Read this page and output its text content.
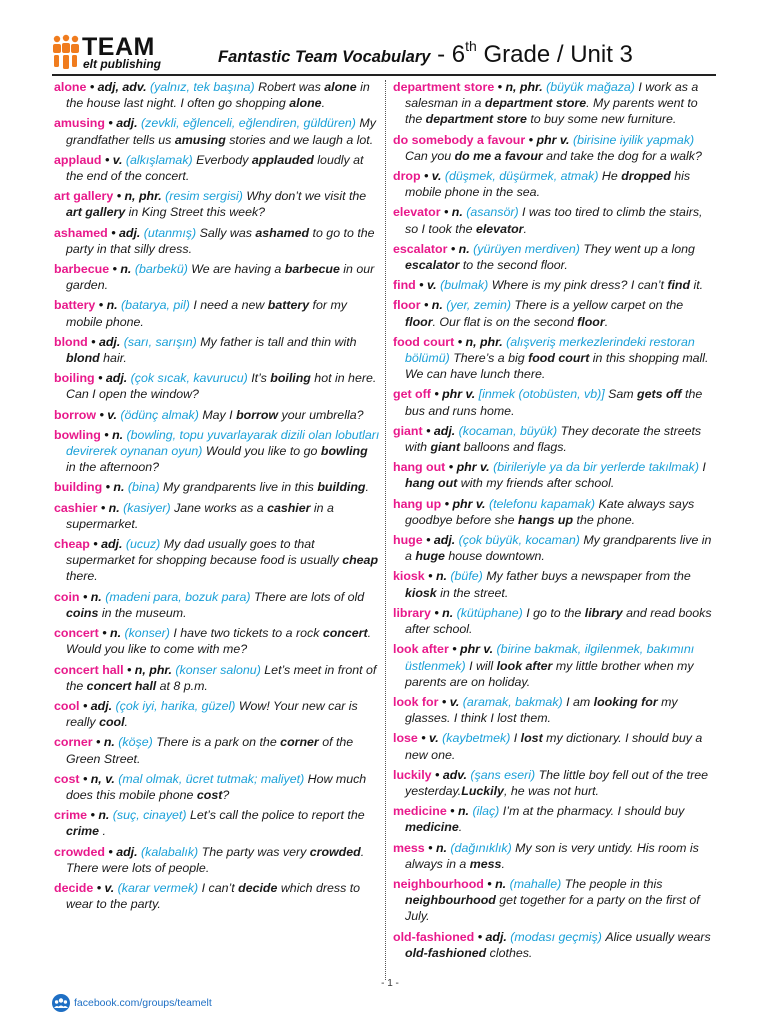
TEAM
elt publishing	Fantastic Team Vocabulary - 6th Grade / Unit 3
alone • adj, adv. (yalnız, tek başına) Robert was alone in the house last night. I often go shopping alone.
amusing • adj. (zevkli, eğlenceli, eğlendiren, güldüren) My grandfather tells us amusing stories and we laugh a lot.
applaud • v. (alkışlamak) Everbody applauded loudly at the end of the concert.
art gallery • n, phr. (resim sergisi) Why don’t we visit the art gallery in King Street this week?
ashamed • adj. (utanmış) Sally was ashamed to go to the party in that silly dress.
barbecue • n. (barbekü) We are having a barbecue in our garden.
battery • n. (batarya, pil) I need a new battery for my mobile phone.
blond • adj. (sarı, sarışın) My father is tall and thin with blond hair.
boiling • adj. (çok sıcak, kavurucu) It’s boiling hot in here. Can I open the window?
borrow • v. (ödünç almak) May I borrow your umbrella?
bowling • n. (bowling, topu yuvarlayarak dizili olan lobutları devirerek oynanan oyun) Would you like to go bowling in the afternoon?
building • n. (bina) My grandparents live in this building.
cashier • n. (kasiyer) Jane works as a cashier in a supermarket.
cheap • adj. (ucuz) My dad usually goes to that supermarket for shopping because food is usually cheap there.
coin • n. (madeni para, bozuk para) There are lots of old coins in the museum.
concert • n. (konser) I have two tickets to a rock concert. Would you like to come with me?
concert hall • n, phr. (konser salonu) Let’s meet in front of the concert hall at 8 p.m.
cool • adj. (çok iyi, harika, güzel) Wow! Your new car is really cool.
corner • n. (köşe) There is a park on the corner of the Green Street.
cost • n, v. (mal olmak, ücret tutmak; maliyet) How much does this mobile phone cost?
crime • n. (suç, cinayet) Let’s call the police to report the crime .
crowded • adj. (kalabalık) The party was very crowded. There were lots of people.
decide • v. (karar vermek) I can’t decide which dress to wear to the party.
department store • n, phr. (büyük mağaza) I work as a salesman in a department store. My parents went to the department store to buy some new furniture.
do somebody a favour • phr v. (birisine iyilik yapmak) Can you do me a favour and take the dog for a walk?
drop • v. (düşmek, düşürmek, atmak) He dropped his mobile phone in the sea.
elevator • n. (asansör) I was too tired to climb the stairs, so I took the elevator.
escalator • n. (yürüyen merdiven) They went up a long escalator to the second floor.
find • v. (bulmak) Where is my pink dress? I can’t find it.
floor • n. (yer, zemin) There is a yellow carpet on the floor. Our flat is on the second floor.
food court • n, phr. (alışveriş merkezlerindeki restoran bölümü) There’s a big food court in this shopping mall. We can have lunch there.
get off • phr v. [inmek (otobüsten, vb)] Sam gets off the bus and runs home.
giant • adj. (kocaman, büyük) They decorate the streets with giant balloons and flags.
hang out • phr v. (birileriyle ya da bir yerlerde takılmak) I hang out with my friends after school.
hang up • phr v. (telefonu kapamak) Kate always says goodbye before she hangs up the phone.
huge • adj. (çok büyük, kocaman) My grandparents live in a huge house downtown.
kiosk • n. (büfe) My father buys a newspaper from the kiosk in the street.
library • n. (kütüphane) I go to the library and read books after school.
look after • phr v. (birine bakmak, ilgilenmek, bakımını üstlenmek) I will look after my little brother when my parents are on holiday.
look for • v. (aramak, bakmak) I am looking for my glasses. I think I lost them.
lose • v. (kaybetmek) I lost my dictionary. I should buy a new one.
luckily • adv. (şans eseri) The little boy fell out of the tree yesterday.Luckily, he was not hurt.
medicine • n. (ilaç) I’m at the pharmacy. I should buy medicine.
mess • n. (dağınıklık) My son is very untidy. His room is always in a mess.
neighbourhood • n. (mahalle) The people in this neighbourhood get together for a party on the first of July.
old-fashioned • adj. (modası geçmiş) Alice usually wears old-fashioned clothes.
- 1 -
facebook.com/groups/teamelt
